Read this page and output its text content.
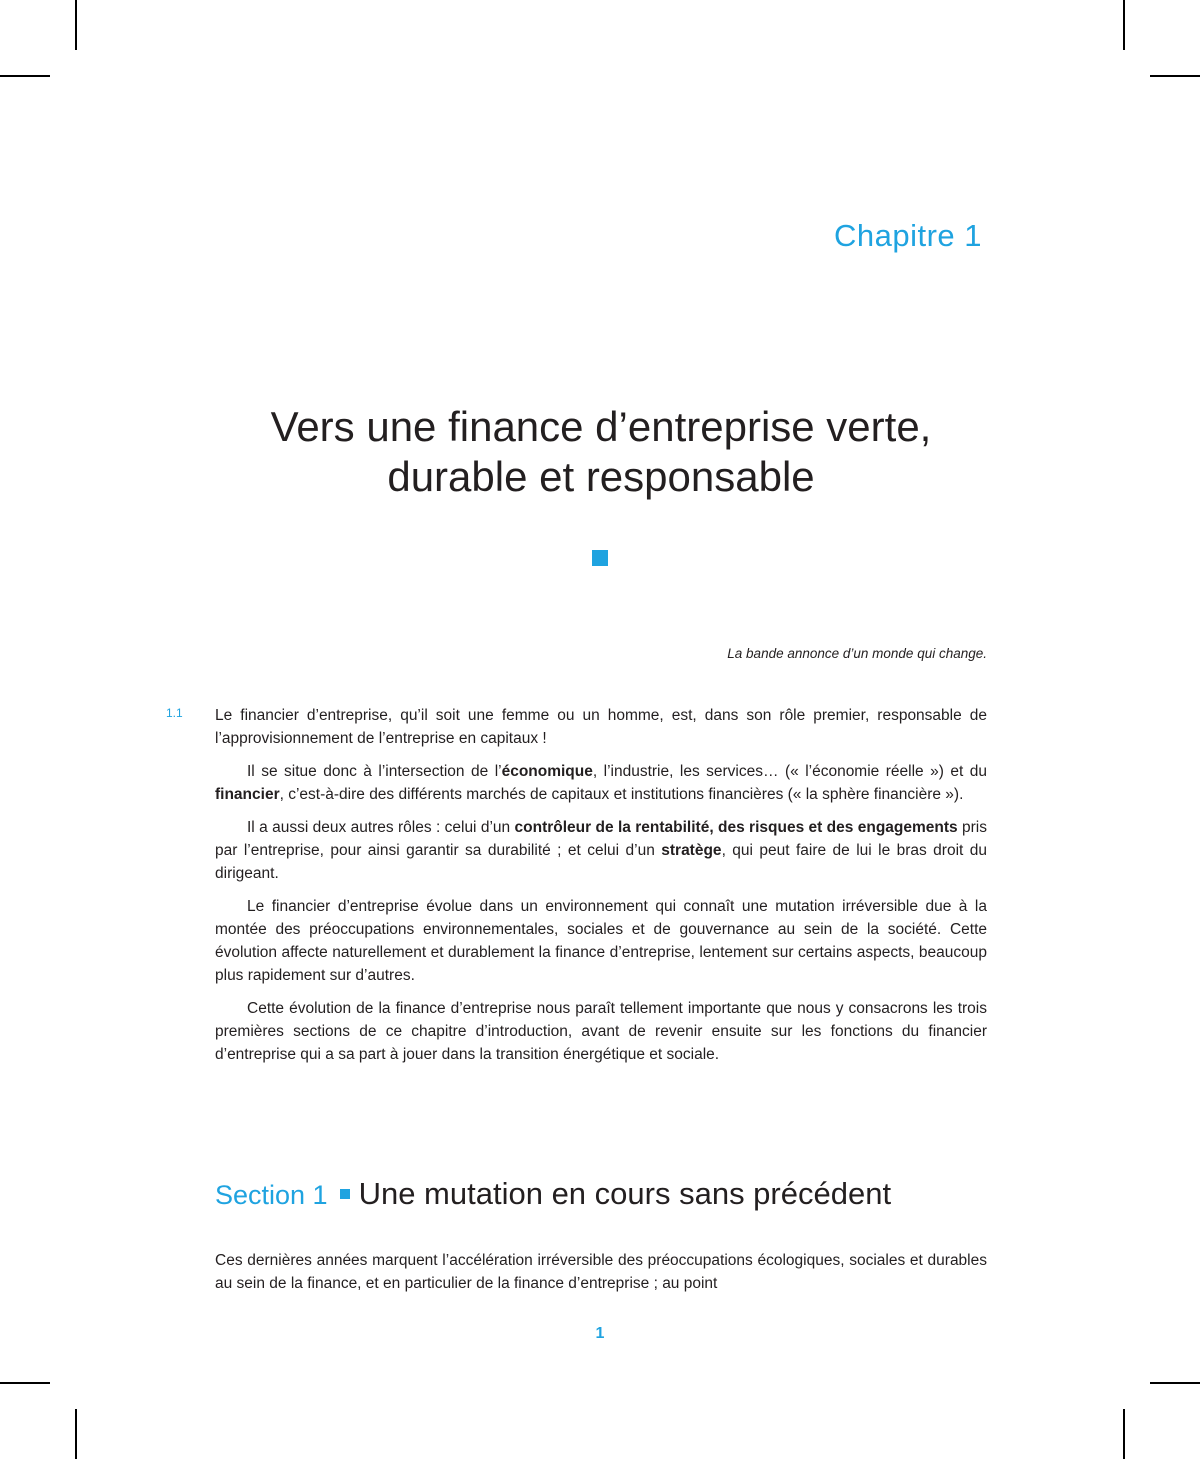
Chapitre 1
Vers une finance d’entreprise verte,
durable et responsable
La bande annonce d’un monde qui change.
1.1 Le financier d’entreprise, qu’il soit une femme ou un homme, est, dans son rôle premier, responsable de l’approvisionnement de l’entreprise en capitaux !

Il se situe donc à l’intersection de l’économique, l’industrie, les services… (« l’économie réelle ») et du financier, c’est-à-dire des différents marchés de capitaux et institutions financières (« la sphère financière »).

Il a aussi deux autres rôles : celui d’un contrôleur de la rentabilité, des risques et des engagements pris par l’entreprise, pour ainsi garantir sa durabilité ; et celui d’un stratège, qui peut faire de lui le bras droit du dirigeant.

Le financier d’entreprise évolue dans un environnement qui connaît une mutation irréversible due à la montée des préoccupations environnementales, sociales et de gouvernance au sein de la société. Cette évolution affecte naturellement et durablement la finance d’entreprise, lentement sur certains aspects, beaucoup plus rapidement sur d’autres.

Cette évolution de la finance d’entreprise nous paraît tellement importante que nous y consacrons les trois premières sections de ce chapitre d’introduction, avant de revenir ensuite sur les fonctions du financier d’entreprise qui a sa part à jouer dans la transition énergétique et sociale.

Section 1 Une mutation en cours sans précédent

Ces dernières années marquent l’accélération irréversible des préoccupations écologiques, sociales et durables au sein de la finance, et en particulier de la finance d’entreprise ; au point

1
